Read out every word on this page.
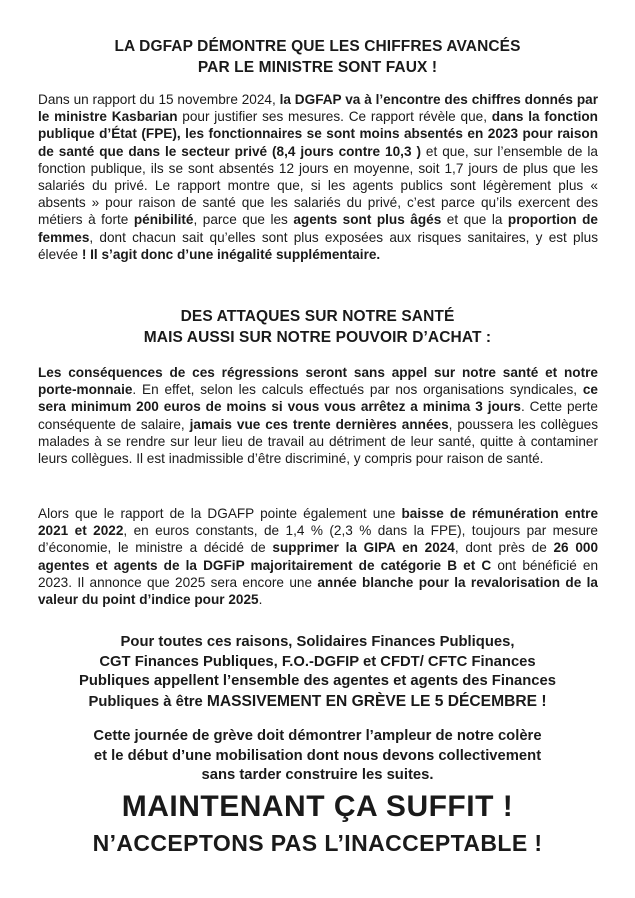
LA DGFAP DÉMONTRE QUE LES CHIFFRES AVANCÉS
PAR LE MINISTRE SONT FAUX !
Dans un rapport du 15 novembre 2024, la DGFAP va à l’encontre des chiffres donnés par le ministre Kasbarian pour justifier ses mesures. Ce rapport révèle que, dans la fonction publique d’État (FPE), les fonctionnaires se sont moins absentés en 2023 pour raison de santé que dans le secteur privé (8,4 jours contre 10,3 ) et que, sur l’ensemble de la fonction publique, ils se sont absentés 12 jours en moyenne, soit 1,7 jours de plus que les salariés du privé. Le rapport montre que, si les agents publics sont légèrement plus « absents » pour raison de santé que les salariés du privé, c’est parce qu’ils exercent des métiers à forte pénibilité, parce que les agents sont plus âgés et que la proportion de femmes, dont chacun sait qu’elles sont plus exposées aux risques sanitaires, y est plus élevée ! Il s’agit donc d’une inégalité supplémentaire.
DES ATTAQUES SUR NOTRE SANTÉ
MAIS AUSSI SUR NOTRE POUVOIR D’ACHAT :
Les conséquences de ces régressions seront sans appel sur notre santé et notre porte-monnaie. En effet, selon les calculs effectués par nos organisations syndicales, ce sera minimum 200 euros de moins si vous vous arrêtez a minima 3 jours. Cette perte conséquente de salaire, jamais vue ces trente dernières années, poussera les collègues malades à se rendre sur leur lieu de travail au détriment de leur santé, quitte à contaminer leurs collègues. Il est inadmissible d’être discriminé, y compris pour raison de santé.
Alors que le rapport de la DGAFP pointe également une baisse de rémunération entre 2021 et 2022, en euros constants, de 1,4 % (2,3 % dans la FPE), toujours par mesure d’économie, le ministre a décidé de supprimer la GIPA en 2024, dont près de 26 000 agentes et agents de la DGFiP majoritairement de catégorie B et C ont bénéficié en 2023. Il annonce que 2025 sera encore une année blanche pour la revalorisation de la valeur du point d’indice pour 2025.
Pour toutes ces raisons, Solidaires Finances Publiques,
CGT Finances Publiques, F.O.-DGFIP et CFDT/ CFTC Finances
Publiques appellent l’ensemble des agentes et agents des Finances
Publiques à être MASSIVEMENT EN GRÈVE LE 5 DÉCEMBRE !
Cette journée de grève doit démontrer l’ampleur de notre colère
et le début d’une mobilisation dont nous devons collectivement
sans tarder construire les suites.
MAINTENANT ÇA SUFFIT !
N’ACCEPTONS PAS L’INACCEPTABLE !
